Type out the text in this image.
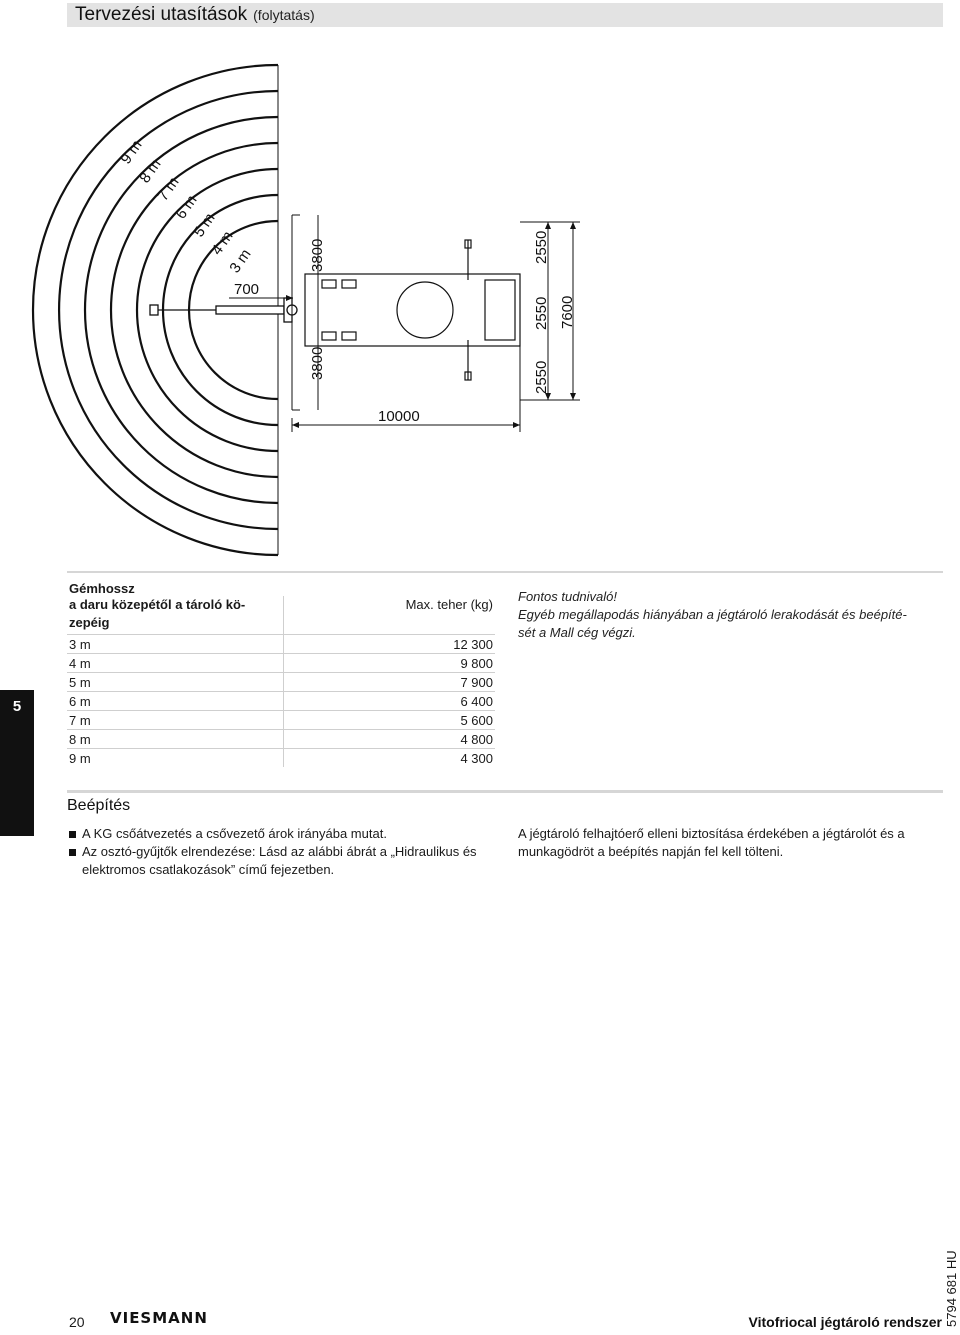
Tervezési utasítások (folytatás)
9 m
8 m
7 m
6 m
5 m
4 m
3 m
700
3800
3800
10000
2550
2550
2550
7600
Gémhossz	
a daru közepétől a tároló kö-
zepéig	Max. teher (kg)
3 m	12 300
4 m	9 800
5 m	7 900
6 m	6 400
7 m	5 600
8 m	4 800
9 m	4 300
Fontos tudnivaló!
Egyéb megállapodás hiányában a jégtároló lerakodását és beépíté-
sét a Mall cég végzi.
5
Beépítés
A KG csőátvezetés a csővezető árok irányába mutat.
Az osztó-gyűjtők elrendezése: Lásd az alábbi ábrát a „Hidraulikus és elektromos csatlakozások” című fejezetben.
A jégtároló felhajtóerő elleni biztosítása érdekében a jégtárolót és a munkagödröt a beépítés napján fel kell tölteni.
20 VIESMANN	Vitofriocal jégtároló rendszer 5794 681 HU
